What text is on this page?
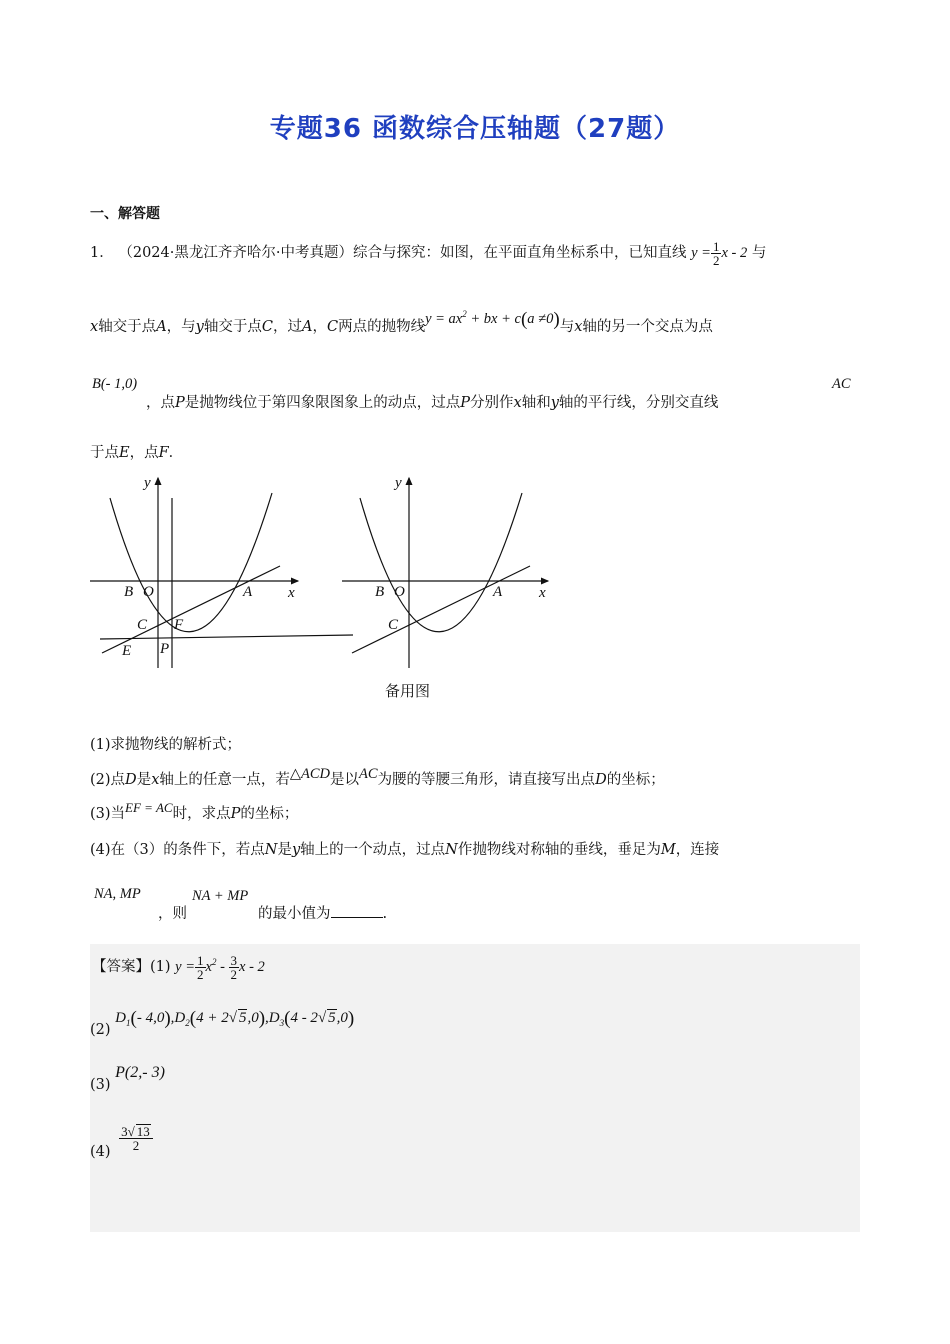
专题36 函数综合压轴题（27题）
一、解答题
1． （2024·黑龙江齐齐哈尔·中考真题）综合与探究：如图，在平面直角坐标系中，已知直线 $y = \frac{1}{2}$ x - 2 与
x轴交于点A，与y轴交于点C，过A，C两点的抛物线$y = ax^2$ + bx + c(a ≠0)与x轴的另一个交点为点
B(- 1,0)
，点P是抛物线位于第四象限图象上的动点，过点P分别作x轴和y轴的平行线，分别交直线
AC
于点E，点F．
x
y
B O	A
C F
E P
x
y
B O	A
C
备用图
(1)求抛物线的解析式；
(2)点D是x轴上的任意一点，若△ACD是以AC为腰的等腰三角形，请直接写出点D的坐标；
(3)当EF = AC时，求点P的坐标；
(4)在（3）的条件下，若点N是y轴上的一个动点，过点N作抛物线对称轴的垂线，垂足为M，连接
NA, MP
，则
NA + MP
的最小值为	.
【答案】(1) $y = \frac{1}{2} x^2 - \frac{3}{2}$ x - 2
(2) $D_1(-$ $4,0),D_2(4 + 2√$ $5,0),D_3(4 - 2√$ 5,0)
(3) P(2,- 3)
$(4) \frac{3√ 13}{2}$
